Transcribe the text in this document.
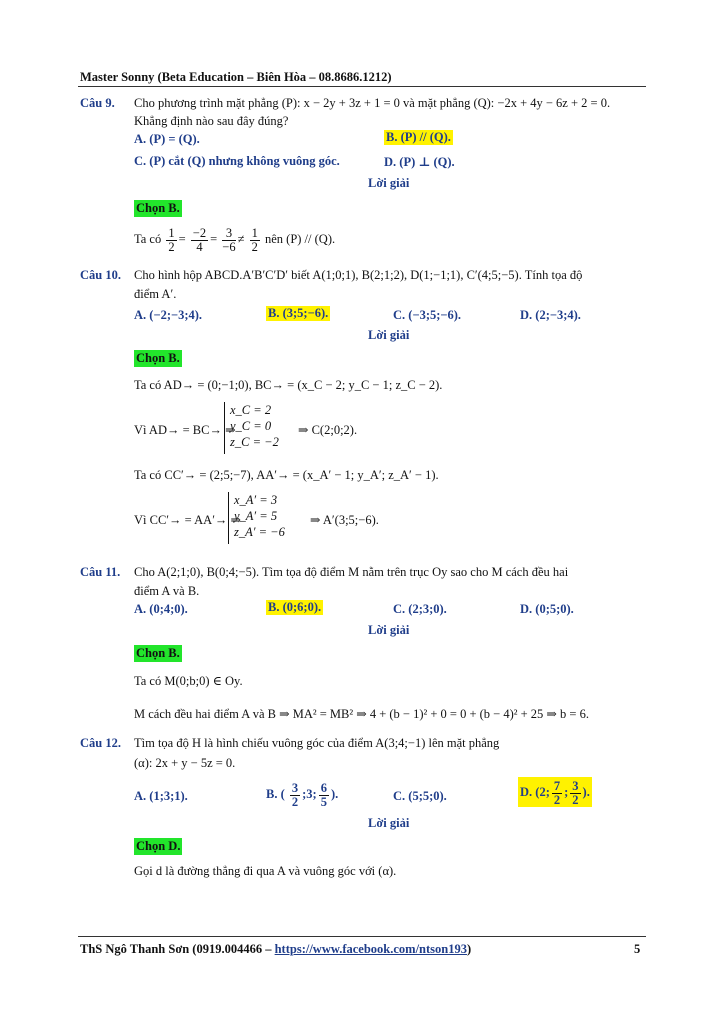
Master Sonny (Beta Education – Biên Hòa – 08.8686.1212)
Câu 9. Cho phương trình mặt phẳng (P): x − 2y + 3z + 1 = 0 và mặt phẳng (Q): −2x + 4y − 6z + 2 = 0.
Khẳng định nào sau đây đúng?
A. (P) = (Q).	B. (P) // (Q).
C. (P) cắt (Q) nhưng không vuông góc.	D. (P) ⊥ (Q).
Lời giải
Chọn B.
Ta có $\frac{1}{2} = \frac{-2}{4} = \frac{3}{-6} \ne \frac{1}{2}$ nên (P) // (Q).
Câu 10. Cho hình hộp ABCD.A′B′C′D′ biết A(1;0;1), B(2;1;2), D(1;−1;1), C′(4;5;−5). Tính tọa độ
điểm A′.
A. (−2;−3;4).	B. (3;5;−6).	C. (−3;5;−6).	D. (2;−3;4).
Lời giải
Chọn B.
Ta có AD→ = (0;−1;0), BC→ = (x_C − 2; y_C − 1; z_C − 2).
Vì AD→ = BC→ ⇒
x_C = 2
y_C = 0
z_C = −2
⇒ C(2;0;2).
Ta có CC′→ = (2;5;−7), AA′→ = (x_A′ − 1; y_A′; z_A′ − 1).
Vì CC′→ = AA′→ ⇒
x_A′ = 3
y_A′ = 5
z_A′ = −6
⇒ A′(3;5;−6).
Câu 11. Cho A(2;1;0), B(0;4;−5). Tìm tọa độ điểm M nằm trên trục Oy sao cho M cách đều hai
điểm A và B.
A. (0;4;0).	B. (0;6;0).	C. (2;3;0).	D. (0;5;0).
Lời giải
Chọn B.
Ta có M(0;b;0) ∈ Oy.
M cách đều hai điểm A và B ⇒ MA² = MB² ⇒ 4 + (b − 1)² + 0 = 0 + (b − 4)² + 25 ⇒ b = 6.
Câu 12. Tìm tọa độ H là hình chiếu vuông góc của điểm A(3;4;−1) lên mặt phẳng
(α): 2x + y − 5z = 0.
A. (1;3;1).	B. ( $\frac{3}{2}$ ;3; $\frac{6}{5}$ ).	C. (5;5;0).	D. (2; $\frac{7}{2}$ ; $\frac{3}{2}$ ).
Lời giải
Chọn D.
Gọi d là đường thẳng đi qua A và vuông góc với (α).
ThS Ngô Thanh Sơn (0919.004466 – https://www.facebook.com/ntson193)	5
